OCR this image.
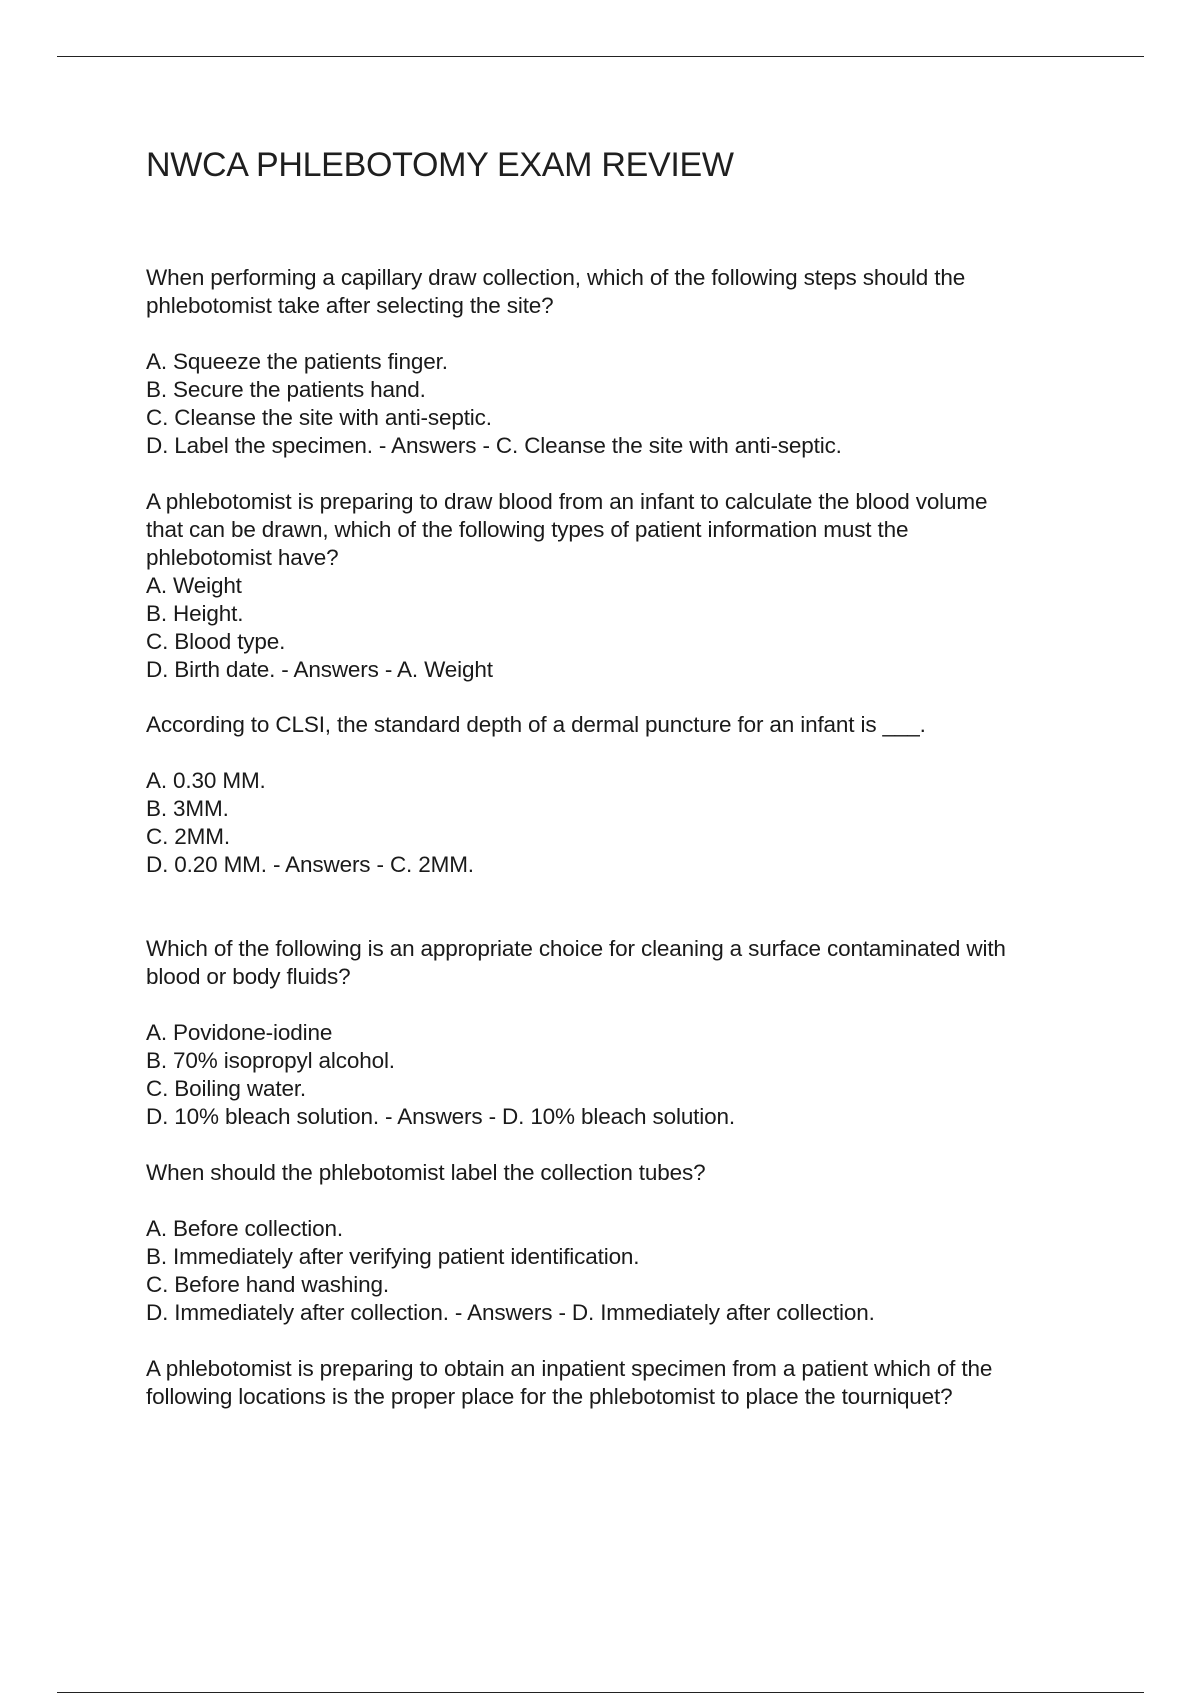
NWCA PHLEBOTOMY EXAM REVIEW
When performing a capillary draw collection, which of the following steps should the
phlebotomist take after selecting the site?
A. Squeeze the patients finger.
B. Secure the patients hand.
C. Cleanse the site with anti-septic.
D. Label the specimen. - Answers - C. Cleanse the site with anti-septic.
A phlebotomist is preparing to draw blood from an infant to calculate the blood volume
that can be drawn, which of the following types of patient information must the
phlebotomist have?
A. Weight
B. Height.
C. Blood type.
D. Birth date. - Answers - A. Weight
According to CLSI, the standard depth of a dermal puncture for an infant is ___.
A. 0.30 MM.
B. 3MM.
C. 2MM.
D. 0.20 MM. - Answers - C. 2MM.
Which of the following is an appropriate choice for cleaning a surface contaminated with
blood or body fluids?
A. Povidone-iodine
B. 70% isopropyl alcohol.
C. Boiling water.
D. 10% bleach solution. - Answers - D. 10% bleach solution.
When should the phlebotomist label the collection tubes?
A. Before collection.
B. Immediately after verifying patient identification.
C. Before hand washing.
D. Immediately after collection. - Answers - D. Immediately after collection.
A phlebotomist is preparing to obtain an inpatient specimen from a patient which of the
following locations is the proper place for the phlebotomist to place the tourniquet?
